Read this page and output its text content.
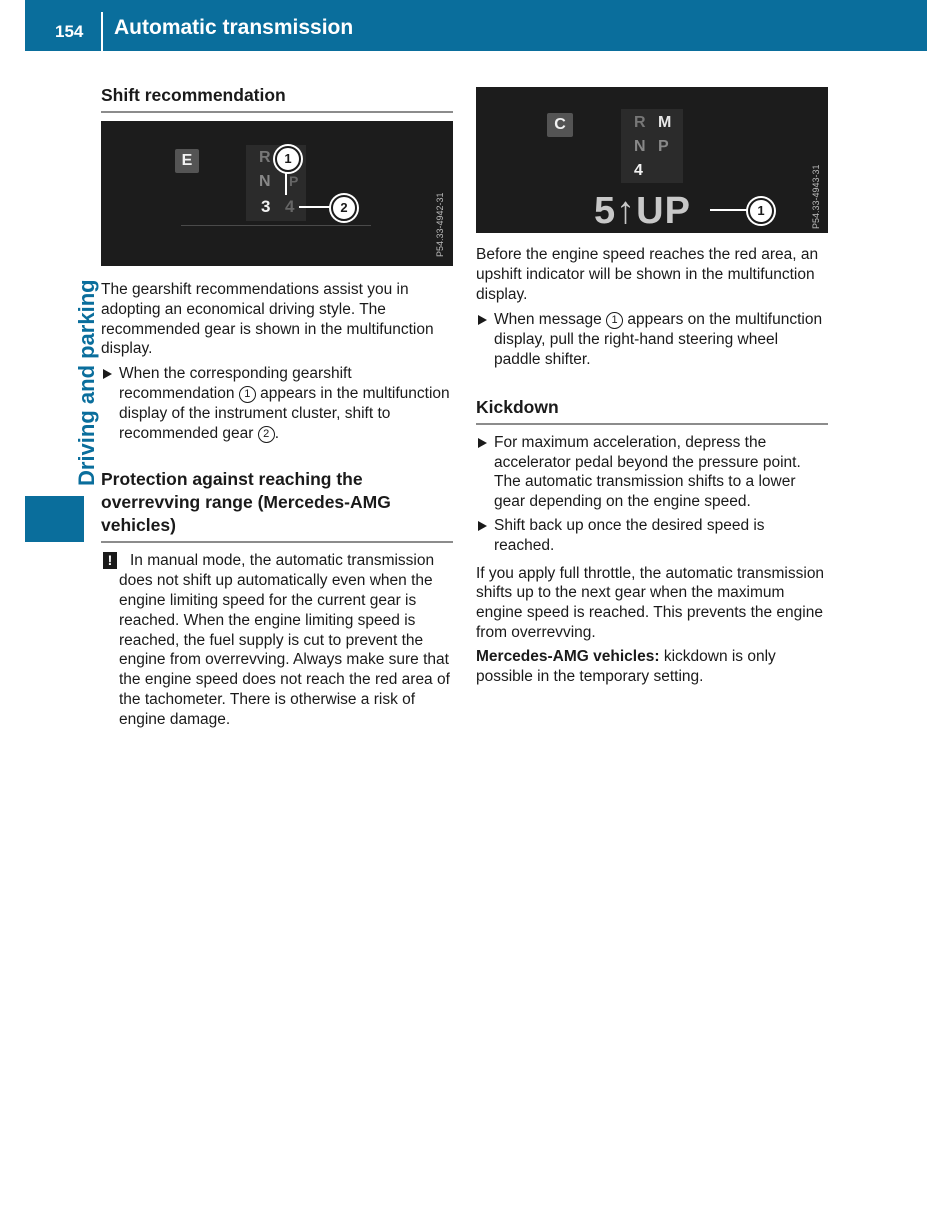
154 Automatic transmission
Driving and parking
Shift recommendation
E	R
N P
3 4
1
2	P54.33-4942-31

The gearshift recommendations assist you in adopting an economical driving style. The recommended gear is shown in the multifunction display.

When the corresponding gearshift recommendation 1 appears in the multifunction display of the instrument cluster, shift to recommended gear 2 .

Protection against reaching the overrevving range (Mercedes-AMG vehicles)
!	In manual mode, the automatic transmission does not shift up automatically even when the engine limiting speed for the current gear is reached. When the engine limiting speed is reached, the fuel supply is cut to prevent the engine from overrevving. Always make sure that the engine speed does not reach the red area of the tachometer. There is otherwise a risk of engine damage.

C	R M
N P
4
5↑UP	1	P54.33-4943-31

Before the engine speed reaches the red area, an upshift indicator will be shown in the multifunction display.

When message 1 appears on the multifunction display, pull the right-hand steering wheel paddle shifter.

Kickdown

For maximum acceleration, depress the accelerator pedal beyond the pressure point. The automatic transmission shifts to a lower gear depending on the engine speed.

Shift back up once the desired speed is reached.

If you apply full throttle, the automatic transmission shifts up to the next gear when the maximum engine speed is reached. This prevents the engine from overrevving.

Mercedes-AMG vehicles: kickdown is only possible in the temporary setting.
